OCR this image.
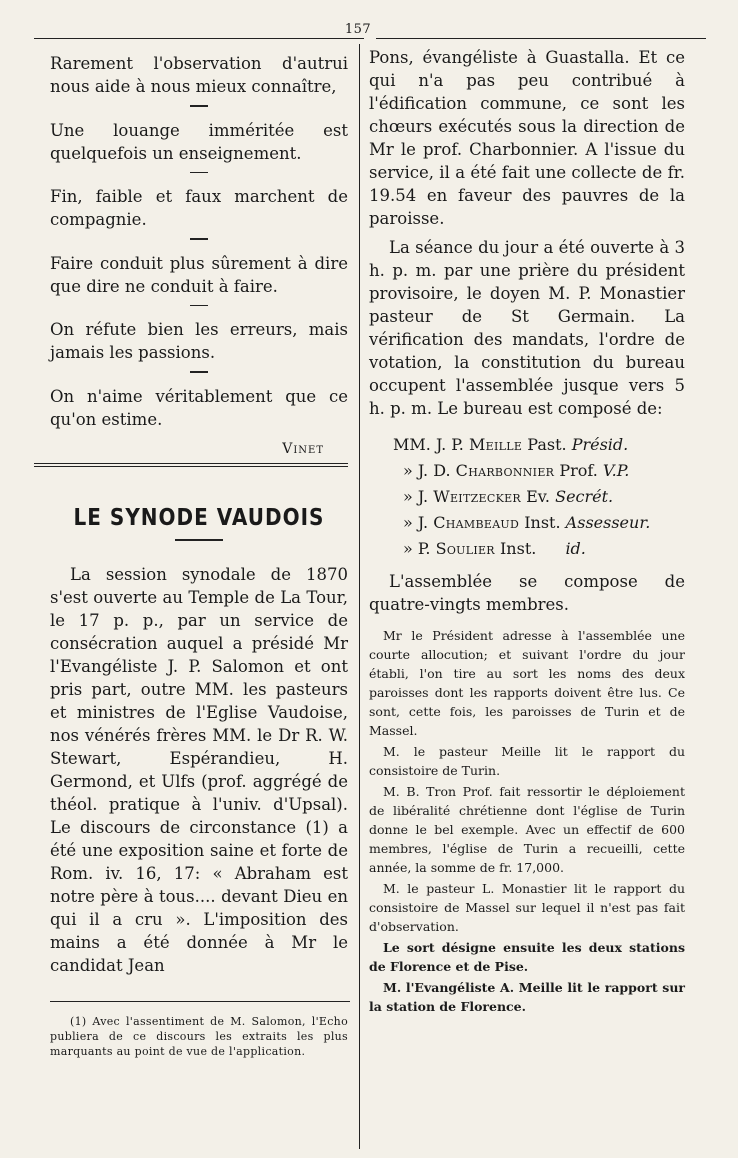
157

Rarement l'observation d'autrui nous aide à nous mieux connaître,

Une louange imméritée est quelquefois un enseignement.

Fin, faible et faux marchent de compagnie.

Faire conduit plus sûrement à dire que dire ne conduit à faire.

On réfute bien les erreurs, mais jamais les passions.

On n'aime véritablement que ce qu'on estime.

Vinet
LE SYNODE VAUDOIS

La session synodale de 1870 s'est ouverte au Temple de La Tour, le 17 p. p., par un service de consécration auquel a présidé Mr l'Evangéliste J. P. Salomon et ont pris part, outre MM. les pasteurs et ministres de l'Eglise Vaudoise, nos vénérés frères MM. le Dr R. W. Stewart, Espérandieu, H. Germond, et Ulfs (prof. aggrégé de théol. pratique à l'univ. d'Upsal). Le discours de circonstance (1) a été une exposition saine et forte de Rom. iv. 16, 17: « Abraham est notre père à tous.... devant Dieu en qui il a cru ». L'imposition des mains a été donnée à Mr le candidat Jean

(1) Avec l'assentiment de M. Salomon, l'Echo publiera de ce discours les extraits les plus marquants au point de vue de l'application.

Pons, évangéliste à Guastalla. Et ce qui n'a pas peu contribué à l'édification commune, ce sont les chœurs exécutés sous la direction de Mr le prof. Charbonnier. A l'issue du service, il a été fait une collecte de fr. 19.54 en faveur des pauvres de la paroisse.

La séance du jour a été ouverte à 3 h. p. m. par une prière du président provisoire, le doyen M. P. Monastier pasteur de St Germain. La vérification des mandats, l'ordre de votation, la constitution du bureau occupent l'assemblée jusque vers 5 h. p. m. Le bureau est composé de:

MM. J. P. Meille Past. Présid.
» J. D. Charbonnier Prof. V.P.
» J. Weitzecker Ev. Secrét.
» J. Chambeaud Inst. Assesseur.
» P. Soulier Inst. id.

L'assemblée se compose de quatre-vingts membres.

Mr le Président adresse à l'assemblée une courte allocution; et suivant l'ordre du jour établi, l'on tire au sort les noms des deux paroisses dont les rapports doivent être lus. Ce sont, cette fois, les paroisses de Turin et de Massel.

M. le pasteur Meille lit le rapport du consistoire de Turin.

M. B. Tron Prof. fait ressortir le déploiement de libéralité chrétienne dont l'église de Turin donne le bel exemple. Avec un effectif de 600 membres, l'église de Turin a recueilli, cette année, la somme de fr. 17,000.

M. le pasteur L. Monastier lit le rapport du consistoire de Massel sur lequel il n'est pas fait d'observation.

Le sort désigne ensuite les deux stations de Florence et de Pise.

M. l'Evangéliste A. Meille lit le rapport sur la station de Florence.
